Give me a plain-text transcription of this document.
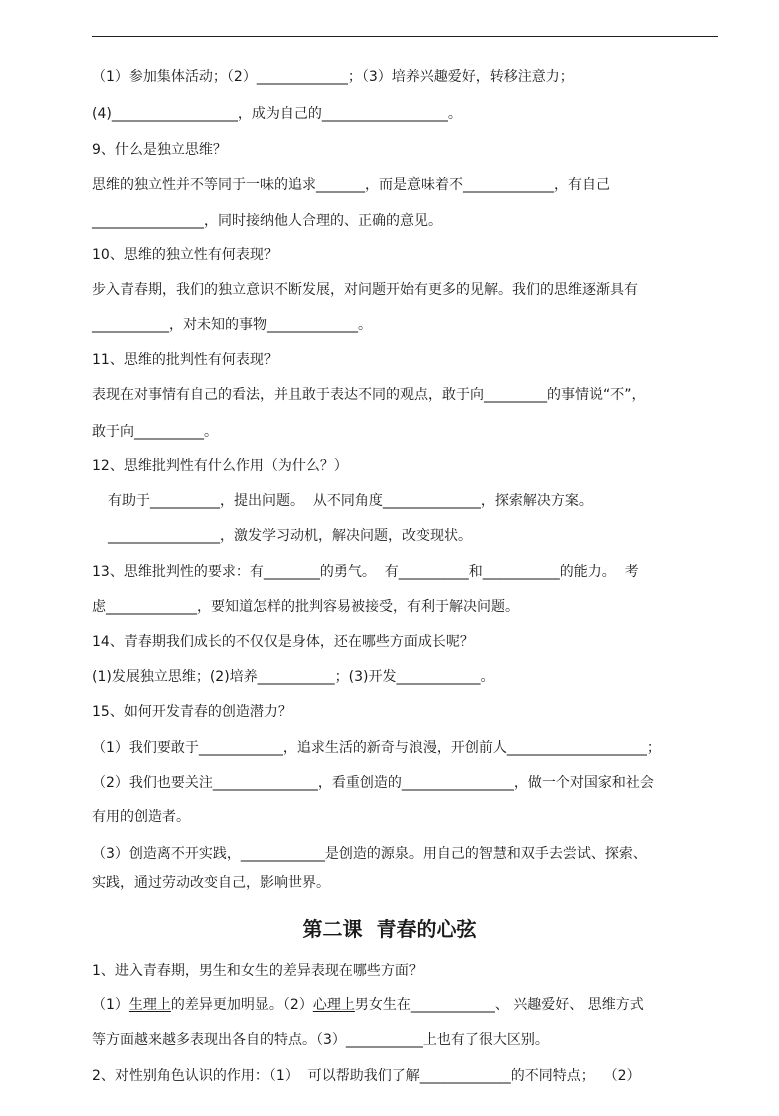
（1）参加集体活动；（2）_____________；（3）培养兴趣爱好，转移注意力；
(4)__________________，成为自己的__________________。
9、什么是独立思维？
思维的独立性并不等同于一味的追求_______，而是意味着不_____________，有自己
________________，同时接纳他人合理的、正确的意见。
10、思维的独立性有何表现？
步入青春期，我们的独立意识不断发展，对问题开始有更多的见解。我们的思维逐渐具有
___________，对未知的事物_____________。
11、思维的批判性有何表现？
表现在对事情有自己的看法，并且敢于表达不同的观点，敢于向_________的事情说“不”，
敢于向__________。
12、思维批判性有什么作用（为什么？）
有助于__________，提出问题。  从不同角度______________，探索解决方案。
________________，激发学习动机，解决问题，改变现状。
13、思维批判性的要求：有________的勇气。  有__________和___________的能力。  考
虑_____________，要知道怎样的批判容易被接受，有利于解决问题。
14、青春期我们成长的不仅仅是身体，还在哪些方面成长呢？
(1)发展独立思维；(2)培养___________；(3)开发____________。
15、如何开发青春的创造潜力？
（1）我们要敢于____________，追求生活的新奇与浪漫，开创前人____________________；
（2）我们也要关注_______________，看重创造的________________，做一个对国家和社会
有用的创造者。
（3）创造离不开实践，____________是创造的源泉。用自己的智慧和双手去尝试、探索、
实践，通过劳动改变自己，影响世界。
第二课  青春的心弦
1、进入青春期，男生和女生的差异表现在哪些方面？
（1）生理上的差异更加明显。（2）心理上男女生在____________、 兴趣爱好、 思维方式
等方面越来越多表现出各自的特点。（3）___________上也有了很大区别。
2、对性别角色认识的作用：（1）  可以帮助我们了解_____________的不同特点；  （2）
